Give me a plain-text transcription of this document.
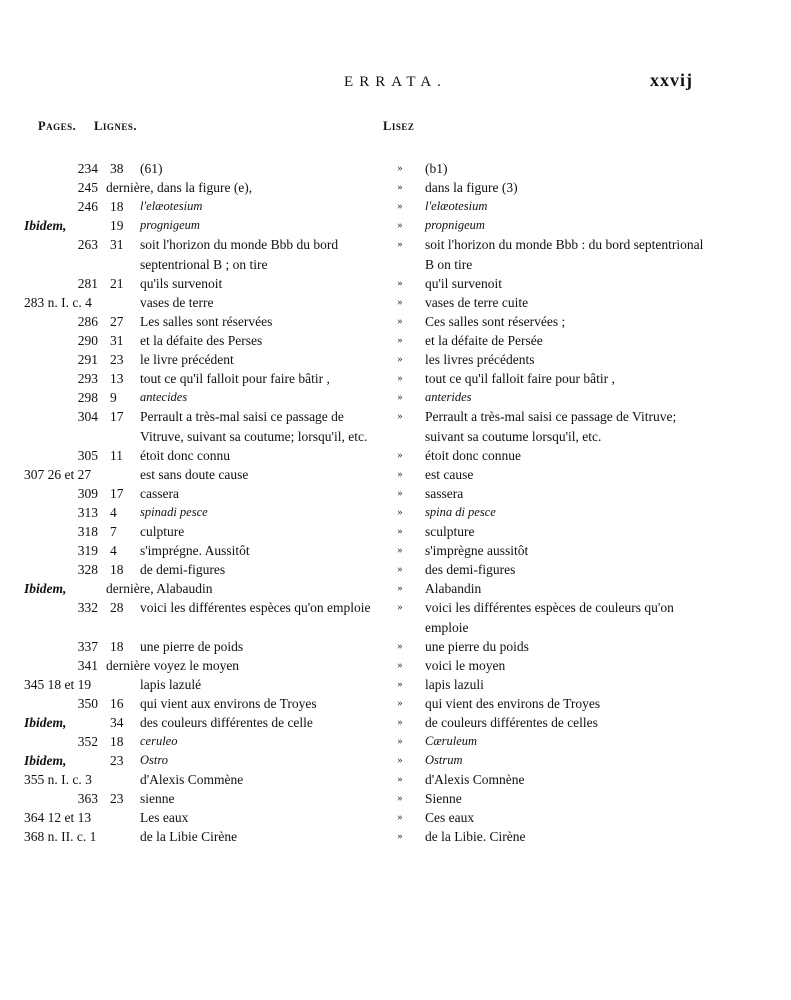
ERRATA.	xxvij
Pages. Lignes.	Lisez
234 38	(61)	»	(b1)
245 dernière, dans la figure (e),	»	dans la figure (3)
246 18	l'elæotesium	»	l'elæotesium
Ibidem,	19	prognigeum	»	propnigeum
263 31	soit l'horizon du monde Bbb du bord septentrional B ; on tire
»	soit l'horizon du monde Bbb : du bord septentrional B on tire
281 21	qu'ils survenoit	»	qu'il survenoit
283 n. I. c. 4	vases de terre	»	vases de terre cuite
286 27	Les salles sont réservées	»	Ces salles sont réservées ;
290 31	et la défaite des Perses	»	et la défaite de Persée
291 23	le livre précédent	»	les livres précédents
293 13	tout ce qu'il falloit pour faire bâtir ,	»	tout ce qu'il falloit faire pour bâtir ,
298 9	antecides	»	anterides
304 17	Perrault a très-mal saisi ce passage de Vitruve, suivant sa coutume; lorsqu'il, etc.
»	Perrault a très-mal saisi ce passage de Vitruve; suivant sa coutume lorsqu'il, etc.
305 11	étoit donc connu	»	étoit donc connue
307 26 et 27	est sans doute cause	»	est cause
309 17	cassera	»	sassera
313 4	spinadi pesce	»	spina di pesce
318 7	culpture	»	sculpture
319 4	s'imprégne. Aussitôt	»	s'imprègne aussitôt
328 18	de demi-figures	»	des demi-figures
Ibidem,	dernière, Alabaudin	»	Alabandin
332 28	voici les différentes espèces qu'on emploie	»	voici les différentes espèces de couleurs qu'on emploie
337 18	une pierre de poids	»	une pierre du poids
341 dernière voyez le moyen	»	voici le moyen
345 18 et 19	lapis lazulé	»	lapis lazuli
350 16	qui vient aux environs de Troyes	»	qui vient des environs de Troyes
Ibidem,	34	des couleurs différentes de celle	»	de couleurs différentes de celles
352 18	ceruleo	»	Cæruleum
Ibidem,	23	Ostro	»	Ostrum
355 n. I. c. 3	d'Alexis Commène	»	d'Alexis Comnène
363 23	sienne	»	Sienne
364 12 et 13	Les eaux	»	Ces eaux
368 n. II. c. 1	de la Libie Cirène	»	de la Libie. Cirène
